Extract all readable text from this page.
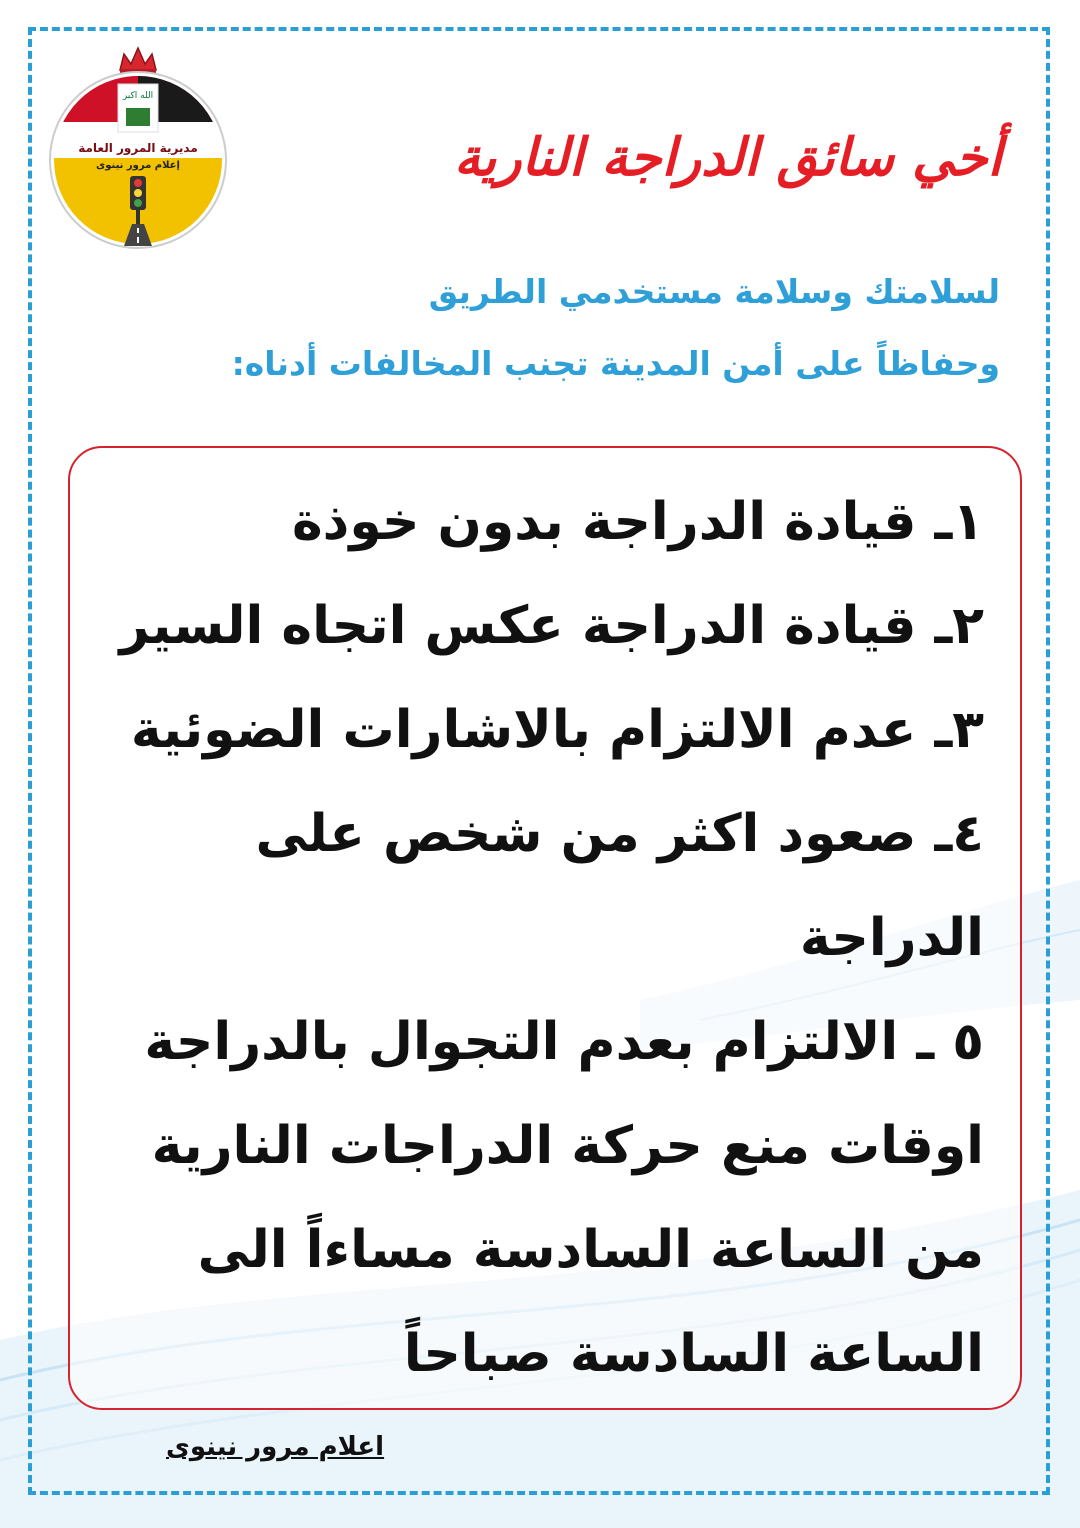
الله اكبر
مديرية المرور العامة
إعلام مرور نينوى	أخي سائق الدراجة النارية
لسلامتك وسلامة مستخدمي الطريق
وحفاظاً على أمن المدينة تجنب المخالفات أدناه:

١ـ قيادة الدراجة بدون خوذة

٢ـ قيادة الدراجة عكس اتجاه السير

٣ـ عدم الالتزام بالاشارات الضوئية

٤ـ صعود اكثر من شخص على الدراجة

٥ ـ الالتزام بعدم التجوال بالدراجة اوقات منع حركة الدراجات النارية من الساعة السادسة مساءاً الى الساعة السادسة صباحاً

اعلام مرور نينوى
